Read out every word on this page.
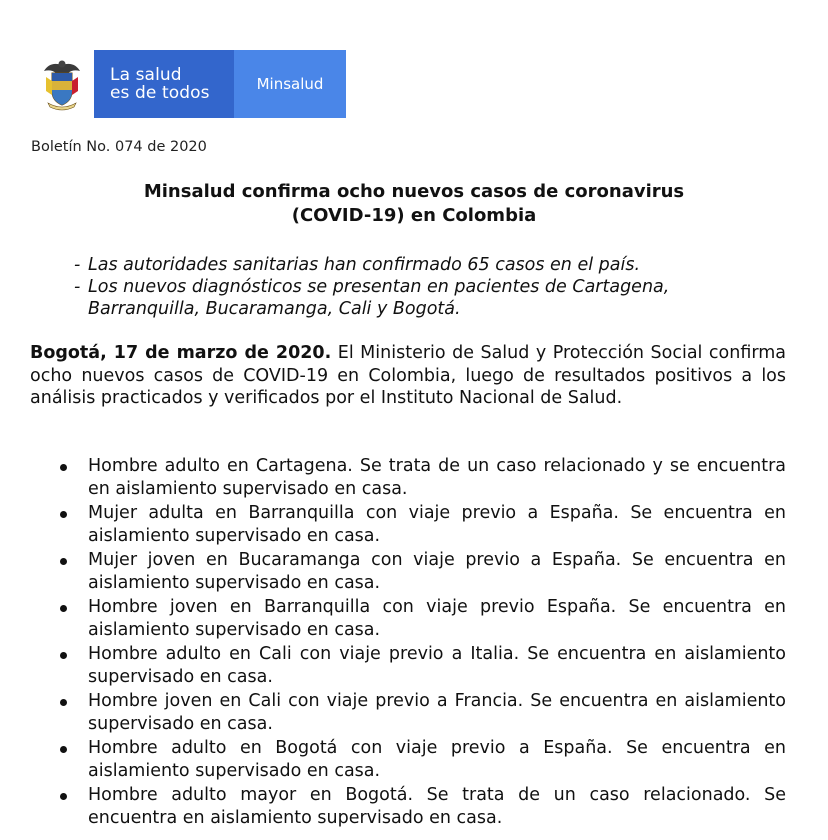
La salud
es de todos	Minsalud
Boletín No. 074 de 2020
Minsalud confirma ocho nuevos casos de coronavirus
(COVID-19) en Colombia
- Las autoridades sanitarias han confirmado 65 casos en el país.
- Los nuevos diagnósticos se presentan en pacientes de Cartagena, Barranquilla, Bucaramanga, Cali y Bogotá.

Bogotá, 17 de marzo de 2020. El Ministerio de Salud y Protección Social confirma ocho nuevos casos de COVID-19 en Colombia, luego de resultados positivos a los análisis practicados y verificados por el Instituto Nacional de Salud.

Hombre adulto en Cartagena. Se trata de un caso relacionado y se encuentra en aislamiento supervisado en casa.
Mujer adulta en Barranquilla con viaje previo a España. Se encuentra en aislamiento supervisado en casa.
Mujer joven en Bucaramanga con viaje previo a España. Se encuentra en aislamiento supervisado en casa.
Hombre joven en Barranquilla con viaje previo España. Se encuentra en aislamiento supervisado en casa.
Hombre adulto en Cali con viaje previo a Italia. Se encuentra en aislamiento supervisado en casa.
Hombre joven en Cali con viaje previo a Francia. Se encuentra en aislamiento supervisado en casa.
Hombre adulto en Bogotá con viaje previo a España. Se encuentra en aislamiento supervisado en casa.
Hombre adulto mayor en Bogotá. Se trata de un caso relacionado. Se encuentra en aislamiento supervisado en casa.
